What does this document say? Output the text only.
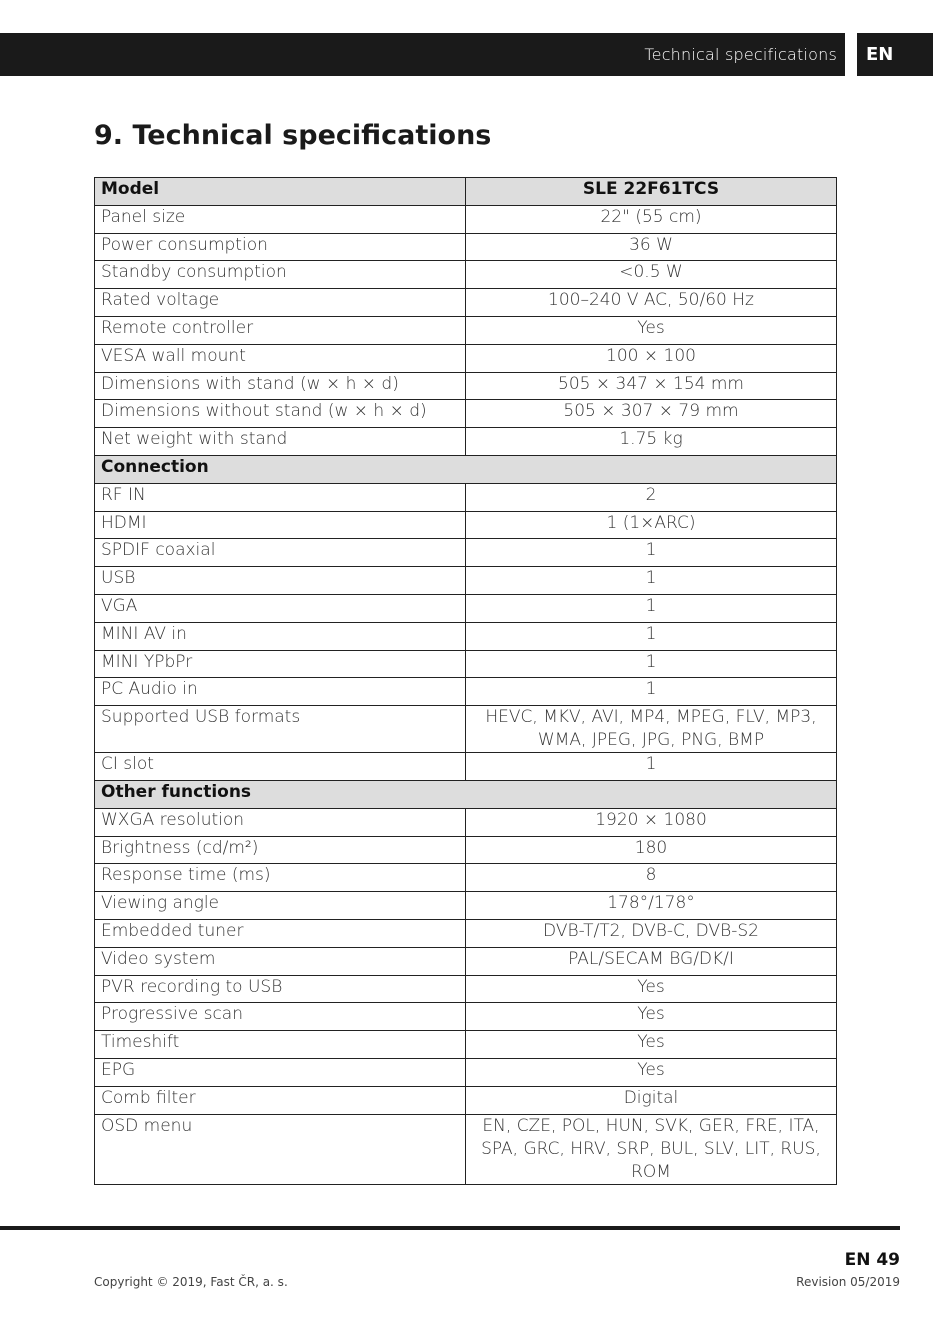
Technical specifications	EN
9. Technical specifications
Model	SLE 22F61TCS
Panel size	22" (55 cm)
Power consumption	36 W
Standby consumption	<0.5 W
Rated voltage	100–240 V AC, 50/60 Hz
Remote controller	Yes
VESA wall mount	100 × 100
Dimensions with stand (w × h × d)	505 × 347 × 154 mm
Dimensions without stand (w × h × d)	505 × 307 × 79 mm
Net weight with stand	1.75 kg
Connection	
RF IN	2
HDMI	1 (1×ARC)
SPDIF coaxial	1
USB	1
VGA	1
MINI AV in	1
MINI YPbPr	1
PC Audio in	1
Supported USB formats	HEVC, MKV, AVI, MP4, MPEG, FLV, MP3, WMA, JPEG, JPG, PNG, BMP
CI slot	1
Other functions	
WXGA resolution	1920 × 1080
Brightness (cd/m²)	180
Response time (ms)	8
Viewing angle	178°/178°
Embedded tuner	DVB-T/T2, DVB-C, DVB-S2
Video system	PAL/SECAM BG/DK/I
PVR recording to USB	Yes
Progressive scan	Yes
Timeshift	Yes
EPG	Yes
Comb filter	Digital
OSD menu	EN, CZE, POL, HUN, SVK, GER, FRE, ITA, SPA, GRC, HRV, SRP, BUL, SLV, LIT, RUS, ROM
EN 49
Copyright © 2019, Fast ČR, a. s.	Revision 05/2019
